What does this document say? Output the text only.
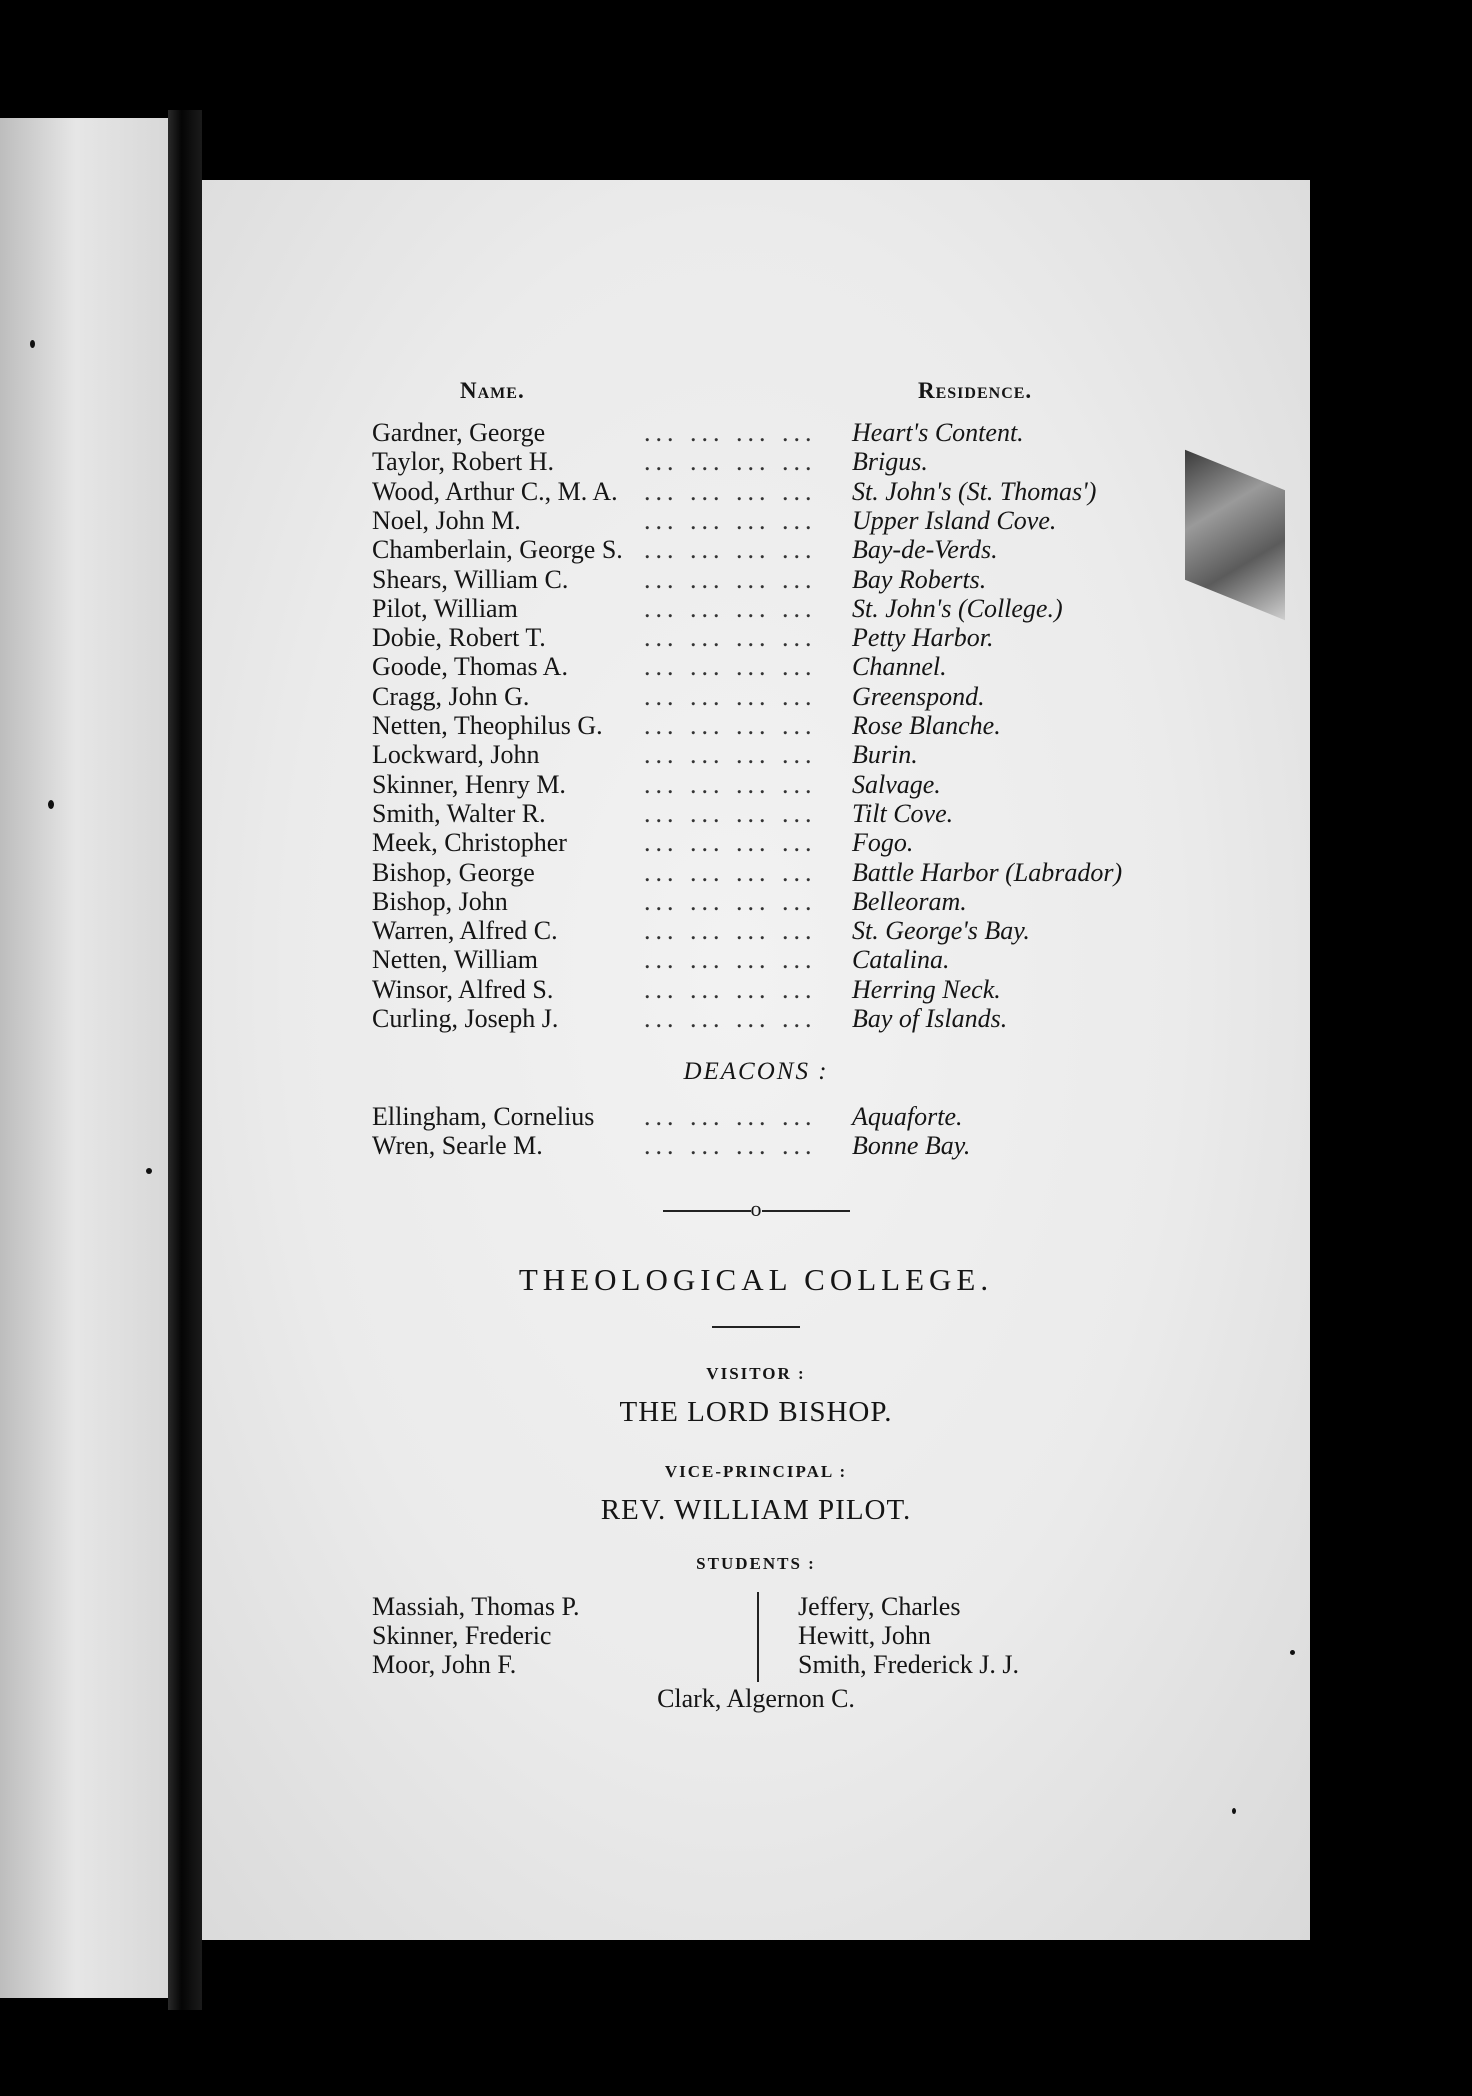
Name.	Residence.
Gardner, George	... ... ... ... Heart's Content.
Taylor, Robert H.	... ... ... ... Brigus.
Wood, Arthur C., M. A. ... ... ... ... St. John's (St. Thomas')
Noel, John M.	... ... ... ... Upper Island Cove.
Chamberlain, George S. ... ... ... ... Bay-de-Verds.
Shears, William C.	... ... ... ... Bay Roberts.
Pilot, William	... ... ... ... St. John's (College.)
Dobie, Robert T.	... ... ... ... Petty Harbor.
Goode, Thomas A.	... ... ... ... Channel.
Cragg, John G.	... ... ... ... Greenspond.
Netten, Theophilus G. ... ... ... ... Rose Blanche.
Lockward, John	... ... ... ... Burin.
Skinner, Henry M.	... ... ... ... Salvage.
Smith, Walter R.	... ... ... ... Tilt Cove.
Meek, Christopher	... ... ... ... Fogo.
Bishop, George	... ... ... ... Battle Harbor (Labrador)
Bishop, John	... ... ... ... Belleoram.
Warren, Alfred C.	... ... ... ... St. George's Bay.
Netten, William	... ... ... ... Catalina.
Winsor, Alfred S.	... ... ... ... Herring Neck.
Curling, Joseph J.	... ... ... ... Bay of Islands.
DEACONS :
Ellingham, Cornelius ... ... ... ... Aquaforte.
Wren, Searle M.	... ... ... ... Bonne Bay.
o
THEOLOGICAL COLLEGE.
VISITOR :
THE LORD BISHOP.
VICE-PRINCIPAL :
REV. WILLIAM PILOT.
STUDENTS :
Massiah, Thomas P.
Skinner, Frederic
Moor, John F.
Jeffery, Charles
Hewitt, John
Smith, Frederick J. J.
Clark, Algernon C.
